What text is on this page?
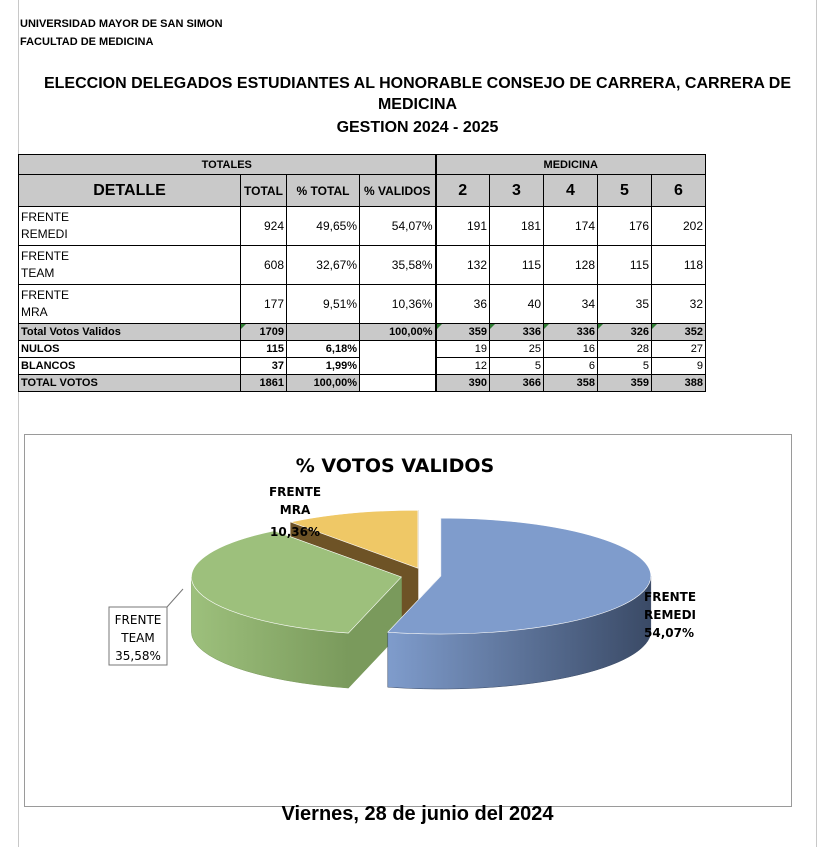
UNIVERSIDAD MAYOR DE SAN SIMON
FACULTAD DE MEDICINA
ELECCION DELEGADOS ESTUDIANTES AL HONORABLE CONSEJO DE CARRERA, CARRERA DE
MEDICINA
GESTION 2024 - 2025
TOTALES				MEDICINA				
DETALLE	TOTAL	% TOTAL	% VALIDOS	2	3	4	5	6
FRENTE
REMEDI	924	49,65%	54,07%	191	181	174	176	202
FRENTE
TEAM	608	32,67%	35,58%	132	115	128	115	118
FRENTE
MRA	177	9,51%	10,36%	36	40	34	35	32
Total Votos Validos	1709		100,00%	359	336	336	326	352
NULOS	115	6,18%		19	25	16	28	27
BLANCOS	37	1,99%		12	5	6	5	9
TOTAL VOTOS	1861	100,00%		390	366	358	359	388
% VOTOS VALIDOS
FRENTE
REMEDI
54,07%
FRENTE
TEAM
35,58%
FRENTE
MRA
10,36%
Viernes, 28 de junio del 2024
